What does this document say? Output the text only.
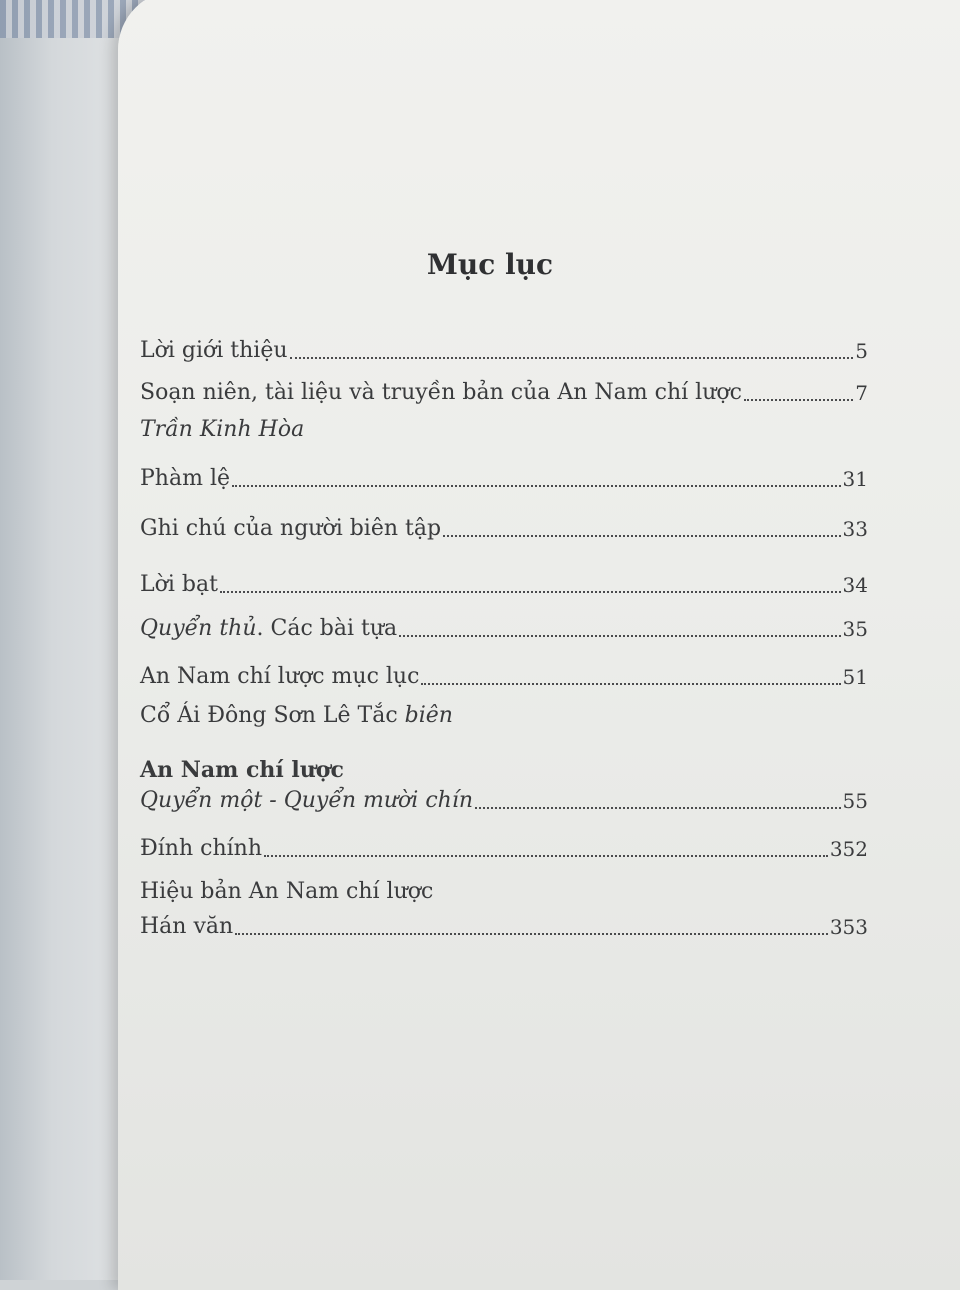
Mục lục
Lời giới thiệu	5
Soạn niên, tài liệu và truyền bản của An Nam chí lược	7
Trần Kinh Hòa
Phàm lệ	31
Ghi chú của người biên tập	33
Lời bạt	34
Quyển thủ. Các bài tựa	35
An Nam chí lược mục lục	51
Cổ Ái Đông Sơn Lê Tắc biên
An Nam chí lược
Quyển một - Quyển mười chín	55
Đính chính	352
Hiệu bản An Nam chí lược
Hán văn	353
